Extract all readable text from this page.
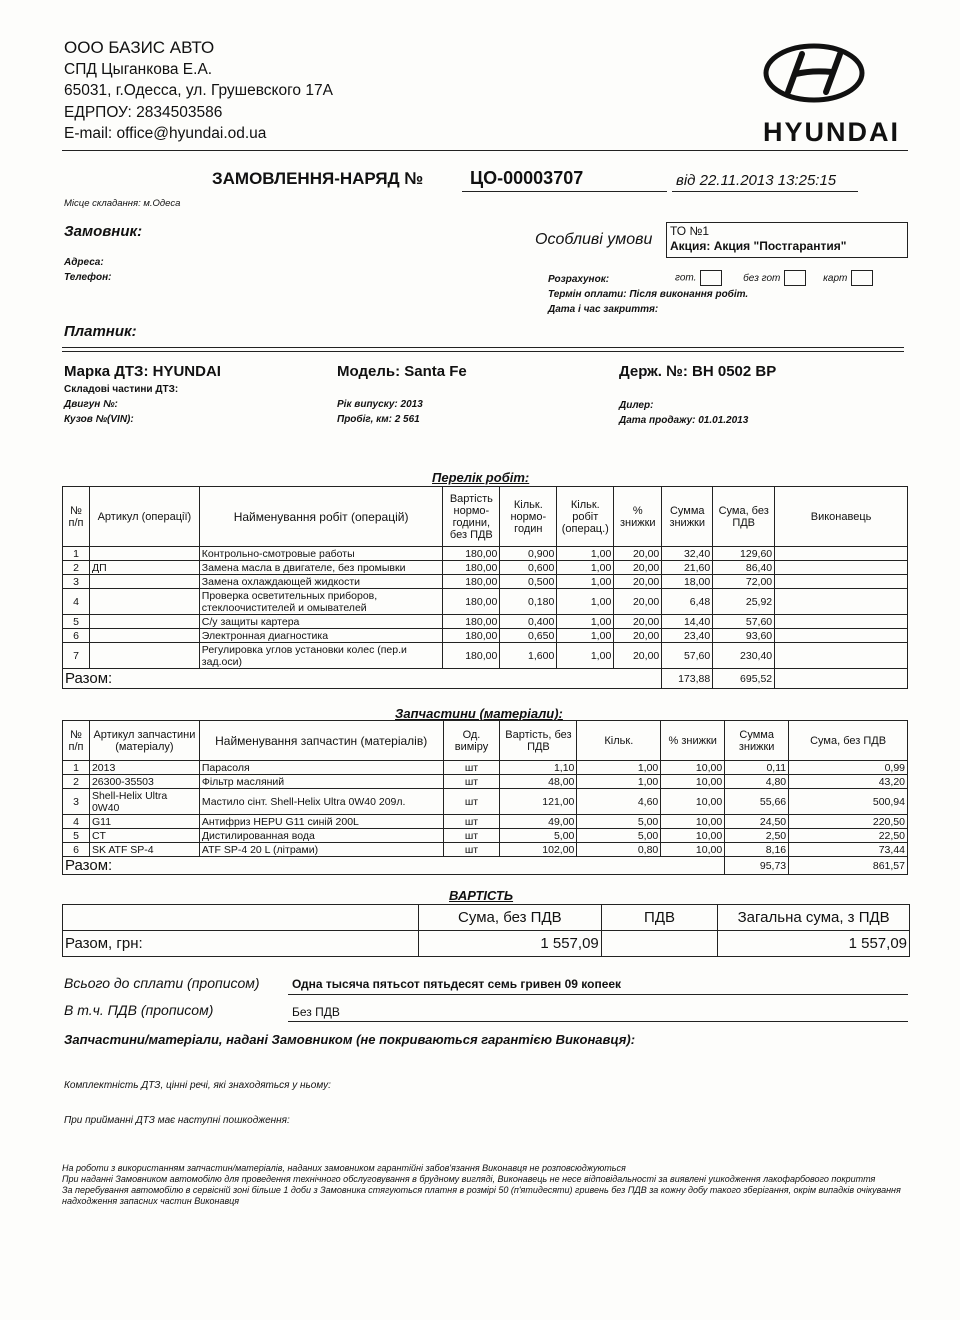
ООО БАЗИС АВТО
СПД Цыганкова Е.А.
65031, г.Одесса, ул. Грушевского 17А
ЕДРПОУ: 2834503586
E-mail: office@hyundai.od.ua	HYUNDAI
ЗАМОВЛЕННЯ-НАРЯД №	ЦО-00003707	від 22.11.2013 13:25:15
Місце складання: м.Одеса
Замовник:
Адреса:
Телефон:
Особливі умови ТО №1
Акция: Акция "Постгарантия"
Розрахунок:	гот.	без гот	карт
Термін оплати: Після виконання робіт.
Дата і час закриття:
Платник:
Марка ДТЗ: HYUNDAI	Модель: Santa Fe	Держ. №: ВН 0502 ВР
Складові частини ДТЗ:
Двигун №:
Кузов №(VIN):
Рік випуску: 2013
Пробіг, км: 2 561
Дилер:
Дата продажу: 01.01.2013
Перелік робіт:
№ п/п	Артикул (операції)	Найменування робіт (операцій)	Вартість нормо-години, без ПДВ	Кільк. нормо-годин	Кільк. робіт (операц.)	% знижки	Сумма знижки	Сума, без ПДВ	Виконавець
1		Контрольно-смотровые работы	180,00	0,900	1,00	20,00	32,40	129,60	
2	ДП	Замена масла в двигателе, без промывки	180,00	0,600	1,00	20,00	21,60	86,40	
3		Замена охлаждающей жидкости	180,00	0,500	1,00	20,00	18,00	72,00	
4		Проверка осветительных приборов, стеклоочистителей и омывателей	180,00	0,180	1,00	20,00	6,48	25,92	
5		С/у защиты картера	180,00	0,400	1,00	20,00	14,40	57,60	
6		Электронная диагностика	180,00	0,650	1,00	20,00	23,40	93,60	
7		Регулировка углов установки колес (пер.и зад.оси)	180,00	1,600	1,00	20,00	57,60	230,40	
Разом:							173,88	695,52	
Запчастини (матеріали):
№ п/п	Артикул запчастини (матеріалу)	Найменування запчастин (матеріалів)	Од. виміру	Вартість, без ПДВ	Кільк.	% знижки	Сумма знижки	Сума, без ПДВ
1	2013	Парасоля	шт	1,10	1,00	10,00	0,11	0,99
2	26300-35503	Фільтр масляний	шт	48,00	1,00	10,00	4,80	43,20
3	Shell-Helix Ultra 0W40	Мастило сінт. Shell-Helix Ultra 0W40 209л.	шт	121,00	4,60	10,00	55,66	500,94
4	G11	Антифриз HEPU G11 синій 200L	шт	49,00	5,00	10,00	24,50	220,50
5	CT	Дистилированная вода	шт	5,00	5,00	10,00	2,50	22,50
6	SK ATF SP-4	ATF SP-4 20 L (літрами)	шт	102,00	0,80	10,00	8,16	73,44
Разом:							95,73	861,57
ВАРТІСТЬ
	Сума, без ПДВ	ПДВ	Загальна сума, з ПДВ
Разом, грн:	1 557,09		1 557,09
Всього до сплати (прописом)	Одна тысяча пятьсот пятьдесят семь гривен 09 копеек
В т.ч. ПДВ (прописом)	Без ПДВ
Запчастини/матеріали, надані Замовником (не покриваються гарантією Виконавця):
Комплектність ДТЗ, цінні речі, які знаходяться у ньому:
При прийманні ДТЗ має наступні пошкодження:
На роботи з використанням запчастин/матеріалів, наданих замовником гарантійні забов'язання Виконавця не розповсюджуються
При наданні Замовником автомобілю для проведення технічного обслуговування в брудному вигляді, Виконавець не несе відповідальності за виявлені ушкодження лакофарбового покриття
За перебування автомобілю в сервісній зоні більше 1 доби з Замовника стягуються платня в розмірі 50 (п'ятидесяти) гривень без ПДВ за кожну добу такого зберігання, окрім випадків очікування надходження запасних частин Виконавця
